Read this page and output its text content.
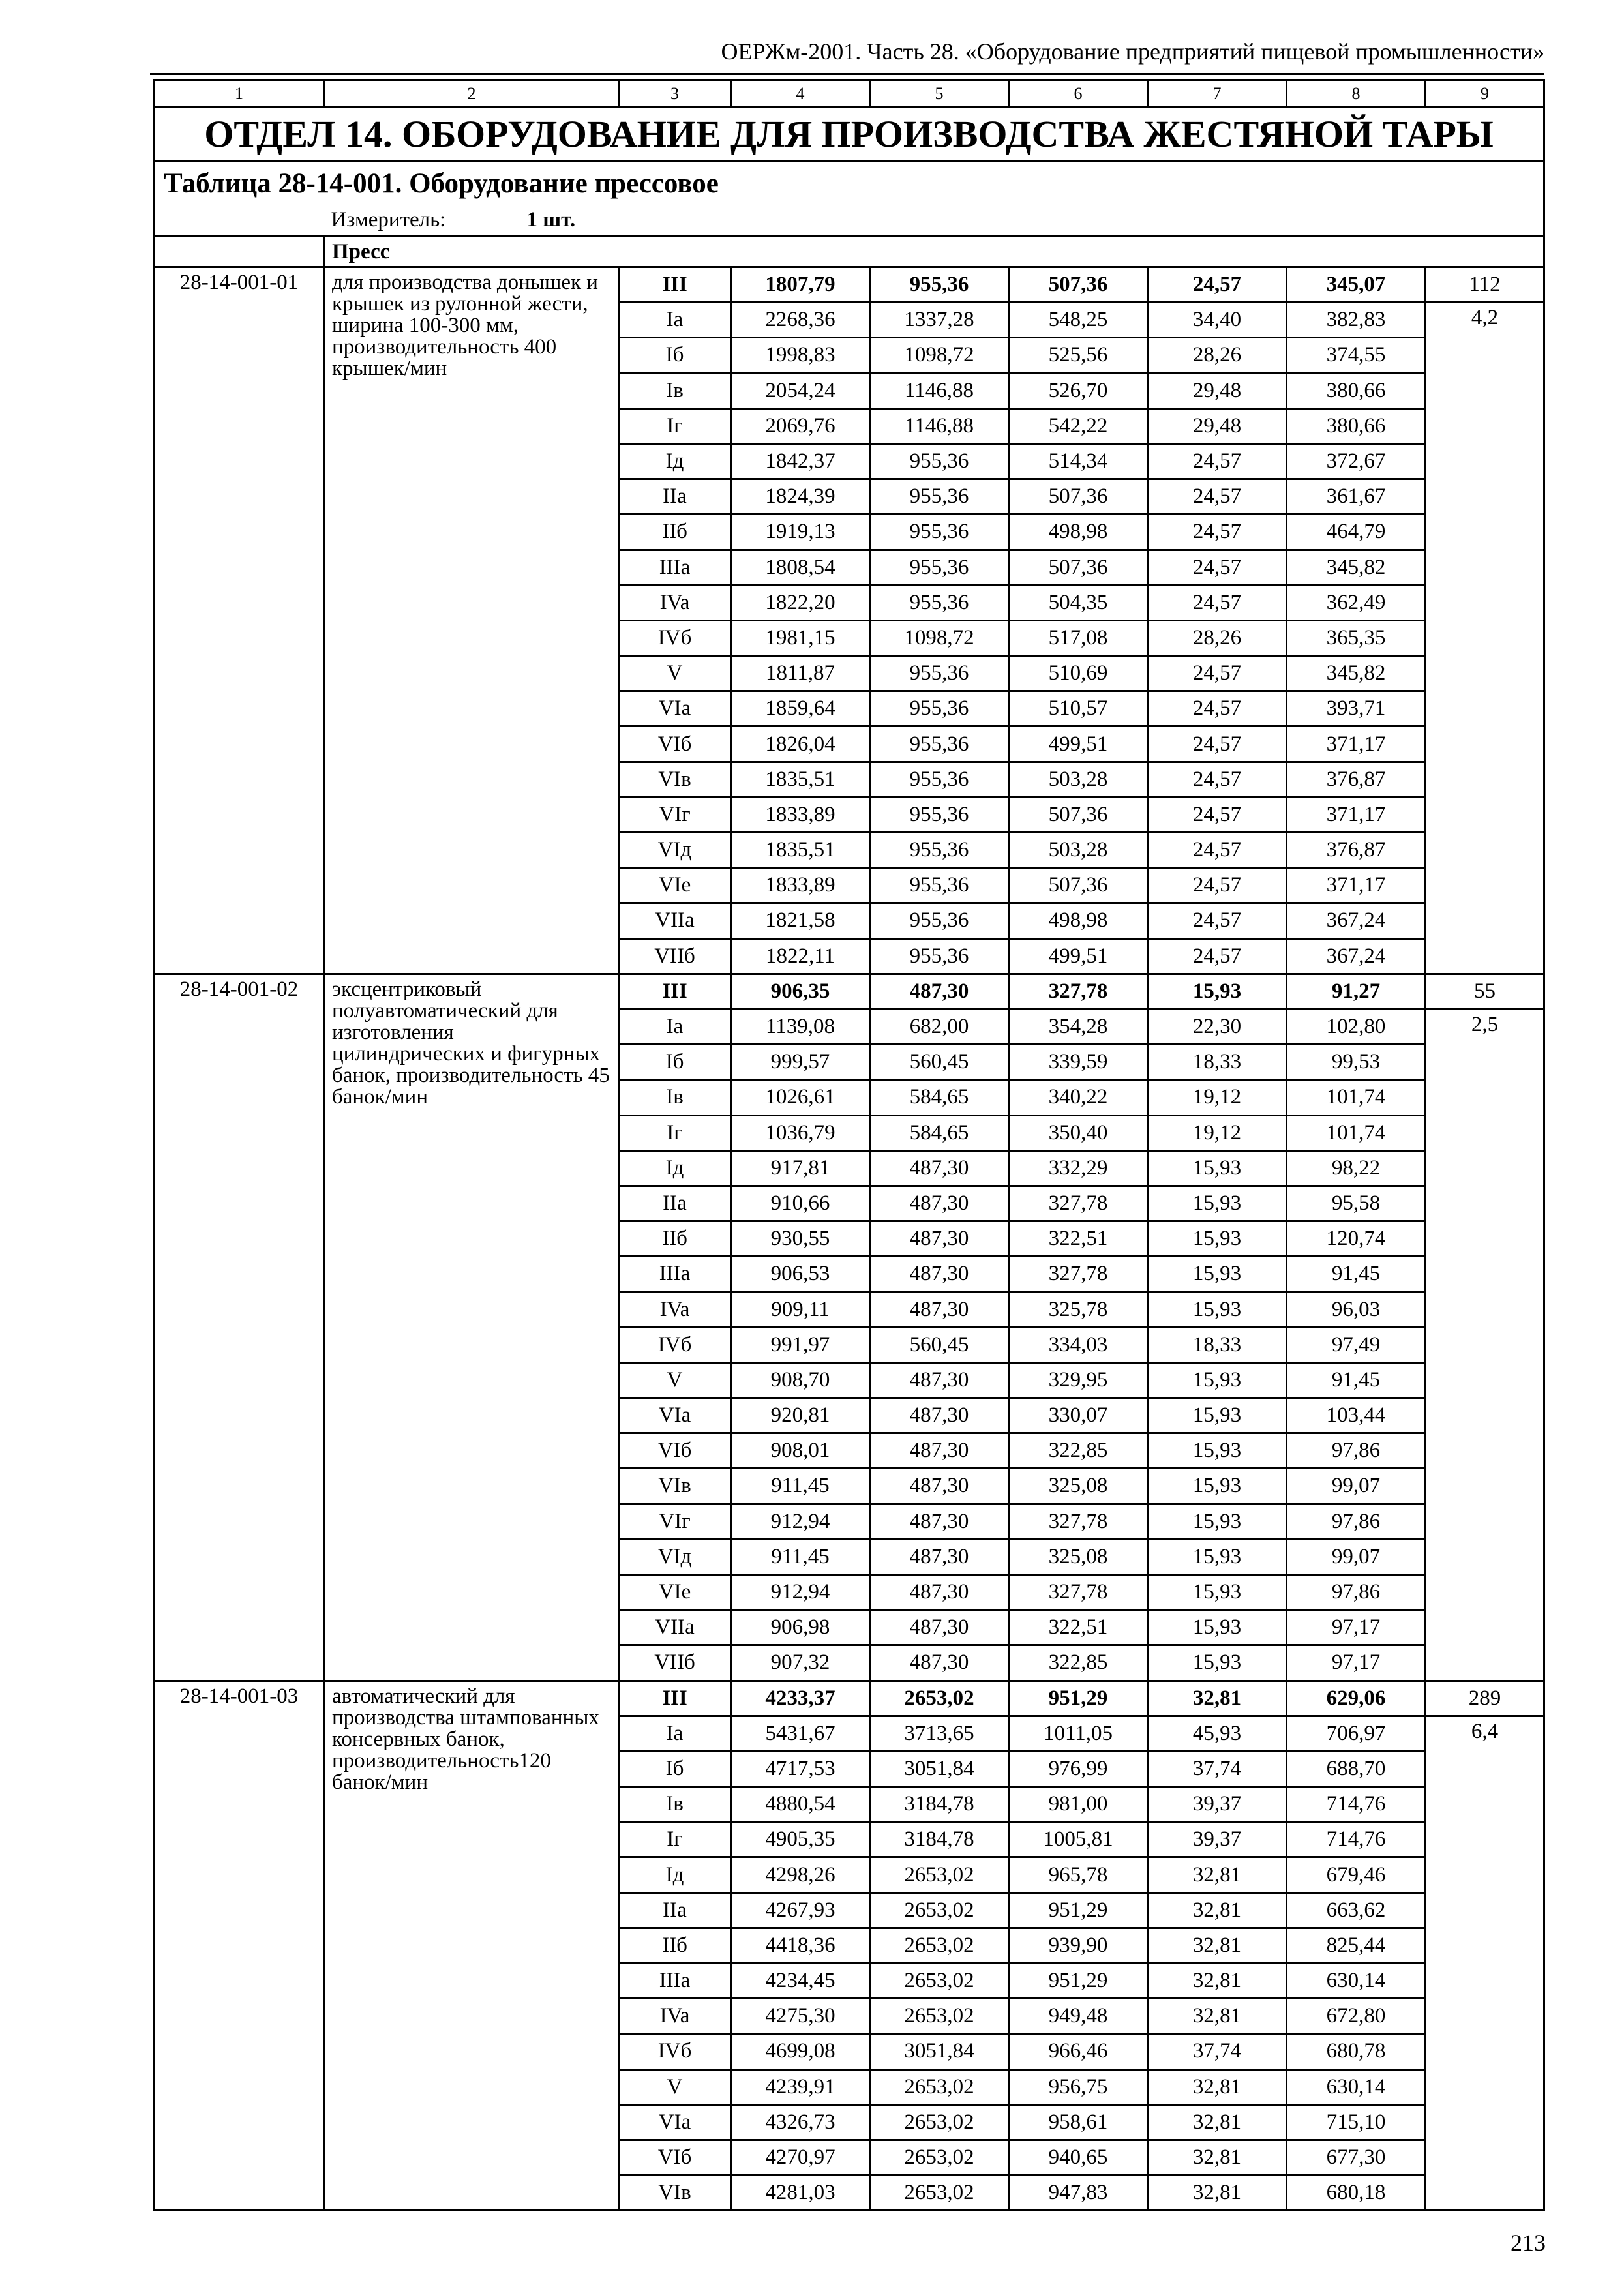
ОЕРЖм-2001. Часть 28. «Оборудование предприятий пищевой промышленности»
1	2	3	4	5	6	7	8	9
ОТДЕЛ 14. ОБОРУДОВАНИЕ ДЛЯ ПРОИЗВОДСТВА ЖЕСТЯНОЙ ТАРЫ								
Таблица 28-14-001. Оборудование прессовое								
	Измеритель: 1 шт.							
	Пресс							
28-14-001-01	для производства донышек и крышек из рулонной жести, ширина 100-300 мм, производительность 400 крышек/мин	III	1807,79	955,36	507,36	24,57	345,07	112
		Ia	2268,36	1337,28	548,25	34,40	382,83	4,2
		Iб	1998,83	1098,72	525,56	28,26	374,55	
		Iв	2054,24	1146,88	526,70	29,48	380,66	
		Iг	2069,76	1146,88	542,22	29,48	380,66	
		Iд	1842,37	955,36	514,34	24,57	372,67	
		IIa	1824,39	955,36	507,36	24,57	361,67	
		IIб	1919,13	955,36	498,98	24,57	464,79	
		IIIa	1808,54	955,36	507,36	24,57	345,82	
		IVa	1822,20	955,36	504,35	24,57	362,49	
		IVб	1981,15	1098,72	517,08	28,26	365,35	
		V	1811,87	955,36	510,69	24,57	345,82	
		VIa	1859,64	955,36	510,57	24,57	393,71	
		VIб	1826,04	955,36	499,51	24,57	371,17	
		VIв	1835,51	955,36	503,28	24,57	376,87	
		VIг	1833,89	955,36	507,36	24,57	371,17	
		VIд	1835,51	955,36	503,28	24,57	376,87	
		VIe	1833,89	955,36	507,36	24,57	371,17	
		VIIa	1821,58	955,36	498,98	24,57	367,24	
		VIIб	1822,11	955,36	499,51	24,57	367,24	
28-14-001-02	эксцентриковый полуавтоматический для изготовления цилиндрических и фигурных банок, производительность 45 банок/мин	III	906,35	487,30	327,78	15,93	91,27	55
		Ia	1139,08	682,00	354,28	22,30	102,80	2,5
		Iб	999,57	560,45	339,59	18,33	99,53	
		Iв	1026,61	584,65	340,22	19,12	101,74	
		Iг	1036,79	584,65	350,40	19,12	101,74	
		Iд	917,81	487,30	332,29	15,93	98,22	
		IIa	910,66	487,30	327,78	15,93	95,58	
		IIб	930,55	487,30	322,51	15,93	120,74	
		IIIa	906,53	487,30	327,78	15,93	91,45	
		IVa	909,11	487,30	325,78	15,93	96,03	
		IVб	991,97	560,45	334,03	18,33	97,49	
		V	908,70	487,30	329,95	15,93	91,45	
		VIa	920,81	487,30	330,07	15,93	103,44	
		VIб	908,01	487,30	322,85	15,93	97,86	
		VIв	911,45	487,30	325,08	15,93	99,07	
		VIг	912,94	487,30	327,78	15,93	97,86	
		VIд	911,45	487,30	325,08	15,93	99,07	
		VIe	912,94	487,30	327,78	15,93	97,86	
		VIIa	906,98	487,30	322,51	15,93	97,17	
		VIIб	907,32	487,30	322,85	15,93	97,17	
28-14-001-03	автоматический для производства штампованных консервных банок, производительность120 банок/мин	III	4233,37	2653,02	951,29	32,81	629,06	289
		Ia	5431,67	3713,65	1011,05	45,93	706,97	6,4
		Iб	4717,53	3051,84	976,99	37,74	688,70	
		Iв	4880,54	3184,78	981,00	39,37	714,76	
		Iг	4905,35	3184,78	1005,81	39,37	714,76	
		Iд	4298,26	2653,02	965,78	32,81	679,46	
		IIa	4267,93	2653,02	951,29	32,81	663,62	
		IIб	4418,36	2653,02	939,90	32,81	825,44	
		IIIa	4234,45	2653,02	951,29	32,81	630,14	
		IVa	4275,30	2653,02	949,48	32,81	672,80	
		IVб	4699,08	3051,84	966,46	37,74	680,78	
		V	4239,91	2653,02	956,75	32,81	630,14	
		VIa	4326,73	2653,02	958,61	32,81	715,10	
		VIб	4270,97	2653,02	940,65	32,81	677,30	
		VIв	4281,03	2653,02	947,83	32,81	680,18	
213
